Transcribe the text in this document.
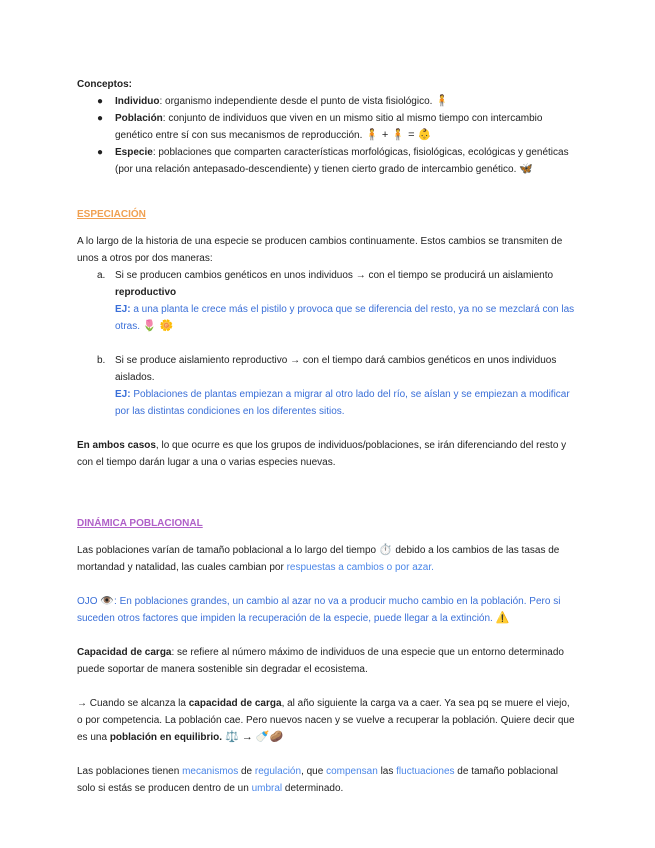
Conceptos:

● Individuo: organismo independiente desde el punto de vista fisiológico. 🧍
● Población: conjunto de individuos que viven en un mismo sitio al mismo tiempo con intercambio genético entre sí con sus mecanismos de reproducción. 🧍 + 🧍 = 👶
● Especie: poblaciones que comparten características morfológicas, fisiológicas, ecológicas y genéticas (por una relación antepasado-descendiente) y tienen cierto grado de intercambio genético. 🦋

ESPECIACIÓN

A lo largo de la historia de una especie se producen cambios continuamente. Estos cambios se transmiten de unos a otros por dos maneras:

a. Si se producen cambios genéticos en unos individuos → con el tiempo se producirá un aislamiento reproductivo
EJ: a una planta le crece más el pistilo y provoca que se diferencia del resto, ya no se mezclará con las otras. 🌷 🌼
b. Si se produce aislamiento reproductivo → con el tiempo dará cambios genéticos en unos individuos aislados.
EJ: Poblaciones de plantas empiezan a migrar al otro lado del río, se aíslan y se empiezan a modificar por las distintas condiciones en los diferentes sitios.

En ambos casos, lo que ocurre es que los grupos de individuos/poblaciones, se irán diferenciando del resto y con el tiempo darán lugar a una o varias especies nuevas.

DINÁMICA POBLACIONAL

Las poblaciones varían de tamaño poblacional a lo largo del tiempo ⏱️ debido a los cambios de las tasas de mortandad y natalidad, las cuales cambian por respuestas a cambios o por azar.

OJO 👁️: En poblaciones grandes, un cambio al azar no va a producir mucho cambio en la población. Pero si suceden otros factores que impiden la recuperación de la especie, puede llegar a la extinción. ⚠️

Capacidad de carga: se refiere al número máximo de individuos de una especie que un entorno determinado puede soportar de manera sostenible sin degradar el ecosistema.

→ Cuando se alcanza la capacidad de carga, al año siguiente la carga va a caer. Ya sea pq se muere el viejo, o por competencia. La población cae. Pero nuevos nacen y se vuelve a recuperar la población. Quiere decir que es una población en equilibrio. ⚖️ → 🍼🥔

Las poblaciones tienen mecanismos de regulación, que compensan las fluctuaciones de tamaño poblacional solo si estás se producen dentro de un umbral determinado.
